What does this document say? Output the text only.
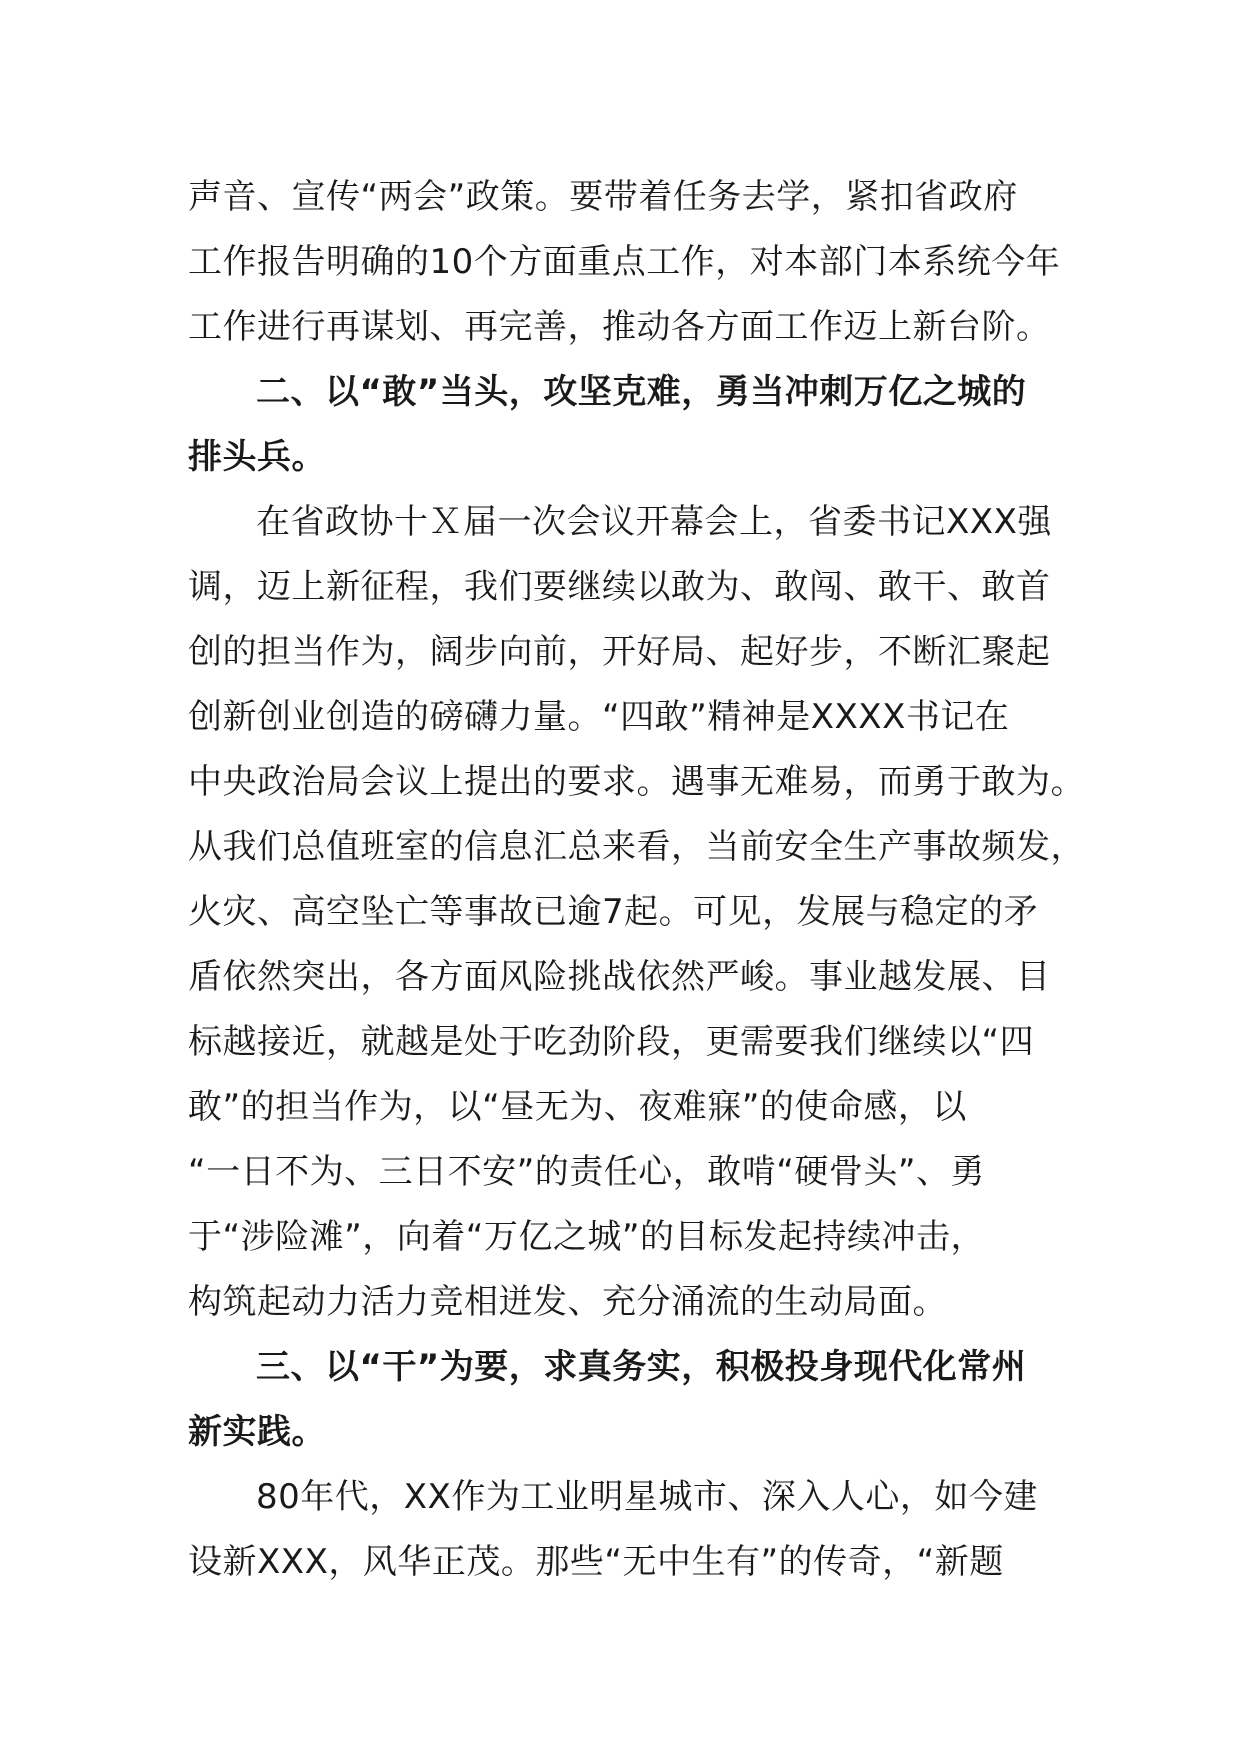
声音、宣传“两会”政策。要带着任务去学，紧扣省政府
工作报告明确的10个方面重点工作，对本部门本系统今年
工作进行再谋划、再完善，推动各方面工作迈上新台阶。
二、以“敢”当头，攻坚克难，勇当冲刺万亿之城的
排头兵。
在省政协十Ｘ届一次会议开幕会上，省委书记XXX强
调，迈上新征程，我们要继续以敢为、敢闯、敢干、敢首
创的担当作为，阔步向前，开好局、起好步，不断汇聚起
创新创业创造的磅礴力量。“四敢”精神是XXXX书记在
中央政治局会议上提出的要求。遇事无难易，而勇于敢为。
从我们总值班室的信息汇总来看，当前安全生产事故频发，
火灾、高空坠亡等事故已逾7起。可见，发展与稳定的矛
盾依然突出，各方面风险挑战依然严峻。事业越发展、目
标越接近，就越是处于吃劲阶段，更需要我们继续以“四
敢”的担当作为，以“昼无为、夜难寐”的使命感，以
“一日不为、三日不安”的责任心，敢啃“硬骨头”、勇
于“涉险滩”，向着“万亿之城”的目标发起持续冲击，
构筑起动力活力竞相迸发、充分涌流的生动局面。
三、以“干”为要，求真务实，积极投身现代化常州
新实践。
80年代，XX作为工业明星城市、深入人心，如今建
设新XXX，风华正茂。那些“无中生有”的传奇，“新题
